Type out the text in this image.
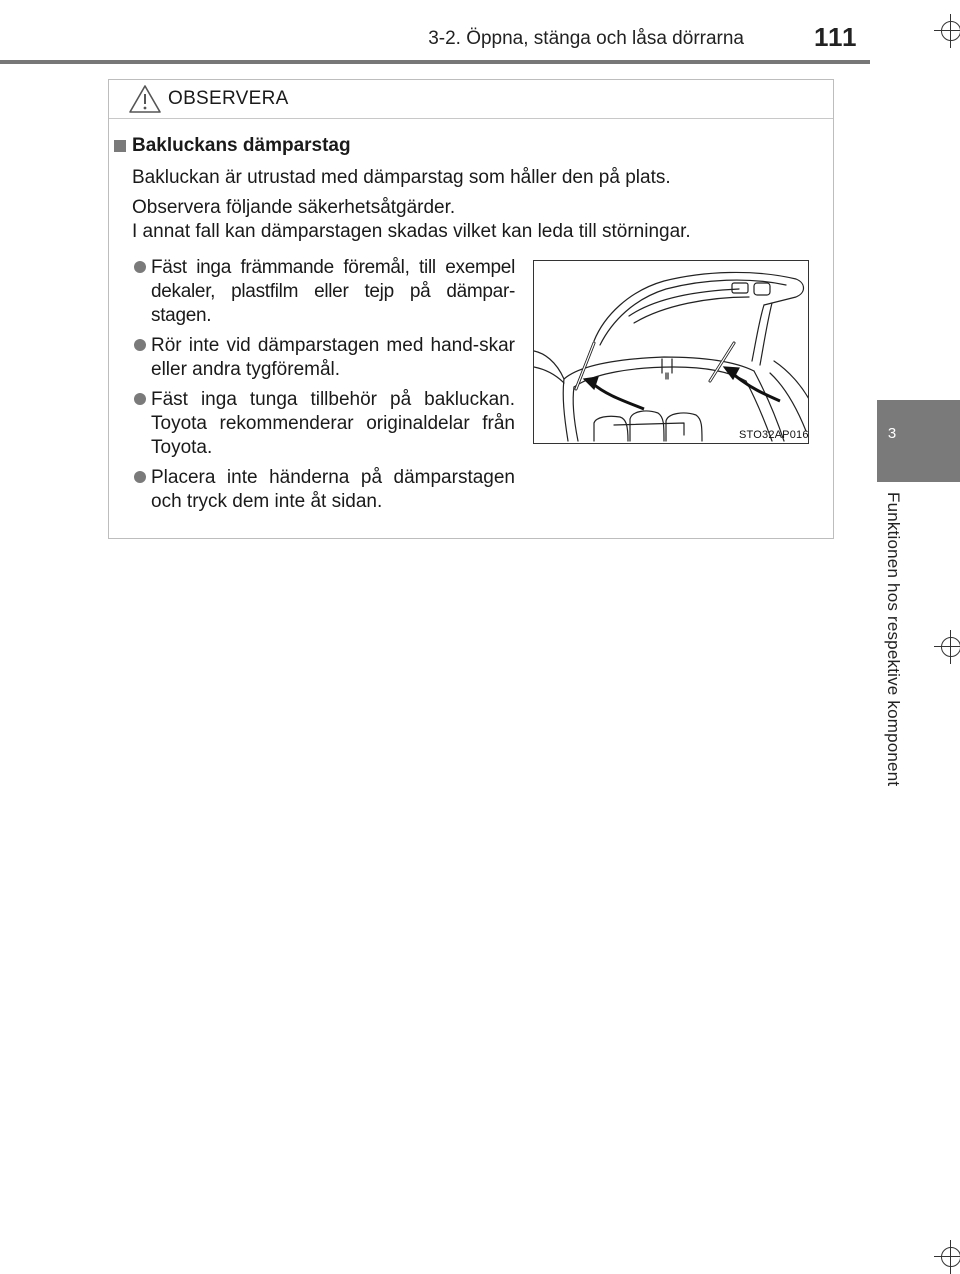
3-2. Öppna, stänga och låsa dörrarna	111
3
Funktionen hos respektive komponent
OBSERVERA
Bakluckans dämparstag
Bakluckan är utrustad med dämparstag som håller den på plats.
Observera följande säkerhetsåtgärder.
I annat fall kan dämparstagen skadas vilket kan leda till störningar.
Fäst inga främmande föremål, till exempel dekaler, plastfilm eller tejp på dämpar-stagen.
Rör inte vid dämparstagen med hand-skar eller andra tygföremål.
Fäst inga tunga tillbehör på bakluckan. Toyota rekommenderar originaldelar från Toyota.
Placera inte händerna på dämparstagen och tryck dem inte åt sidan.
STO32AP016
